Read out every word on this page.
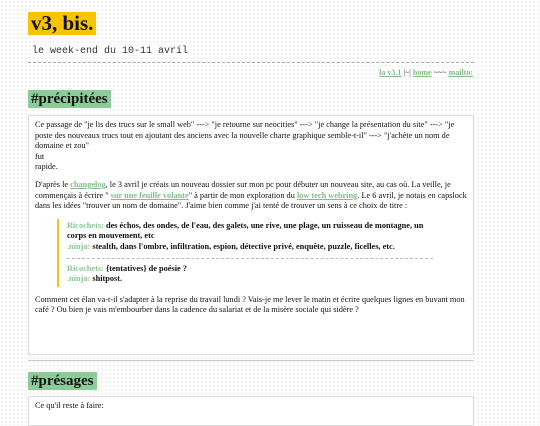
v3, bis.
le week-end du 10-11 avril
la v3.1 |~| home ~~~ mailto:
#précipitées

Ce passage de "je lis des trucs sur le small web" ---> "je retourne sur neocities" ---> "je change la présentation du site" ---> "je poste des nouveaux trucs tout en ajoutant des anciens avec la nouvelle charte graphique semble-t-il" ---> "j'achète un nom de domaine et zou"
fut
rapide.

D'après le changelog, le 3 avril je créais un nouveau dossier sur mon pc pour débuter un nouveau site, au cas où. La veille, je commençais à écrire " sur une feuille volante" à partir de mon exploration du low tech webring. Le 6 avril, je notais en capslock dans les idées "trouver un nom de domaine". J'aime bien comme j'ai tenté de trouver un sens à ce choix de titre :

Ricochets: des échos, des ondes, de l'eau, des galets, une rive, une plage, un ruisseau de montagne, un corps en mouvement, etc

.ninja: stealth, dans l'ombre, infiltration, espion, détective privé, enquête, puzzle, ficelles, etc.

Ricochets: {tentatives} de poésie ?

.ninja: shitpost.

Comment cet élan va-t-il s'adapter à la reprise du travail lundi ? Vais-je me lever le matin et écrire quelques lignes en buvant mon café ? Ou bien je vais m'embourber dans la cadence du salariat et de la misère sociale qui sidère ?

#présages

Ce qu'il reste à faire:
